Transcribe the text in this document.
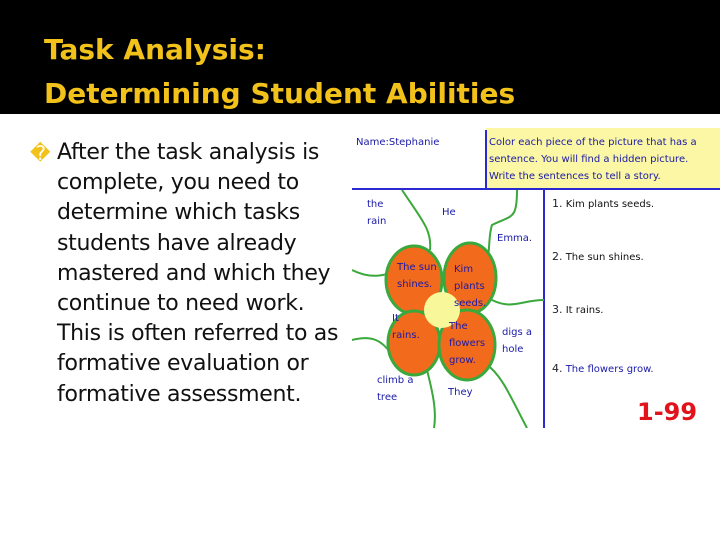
Task Analysis:
Determining Student Abilities
� After the task analysis is complete, you need to determine which tasks students have already mastered and which they continue to need work. This is often referred to as formative evaluation or formative assessment.
Name:Stephanie	Color each piece of the picture that has a sentence. You will find a hidden picture. Write the sentences to tell a story.
the rain
He
Emma.
The sun shines.
Kim plants seeds.
It rains.
The flowers grow.
digs a hole
climb a tree	They
1. Kim plants seeds.
2. The sun shines.
3. It rains.
4. The flowers grow.
1-99
